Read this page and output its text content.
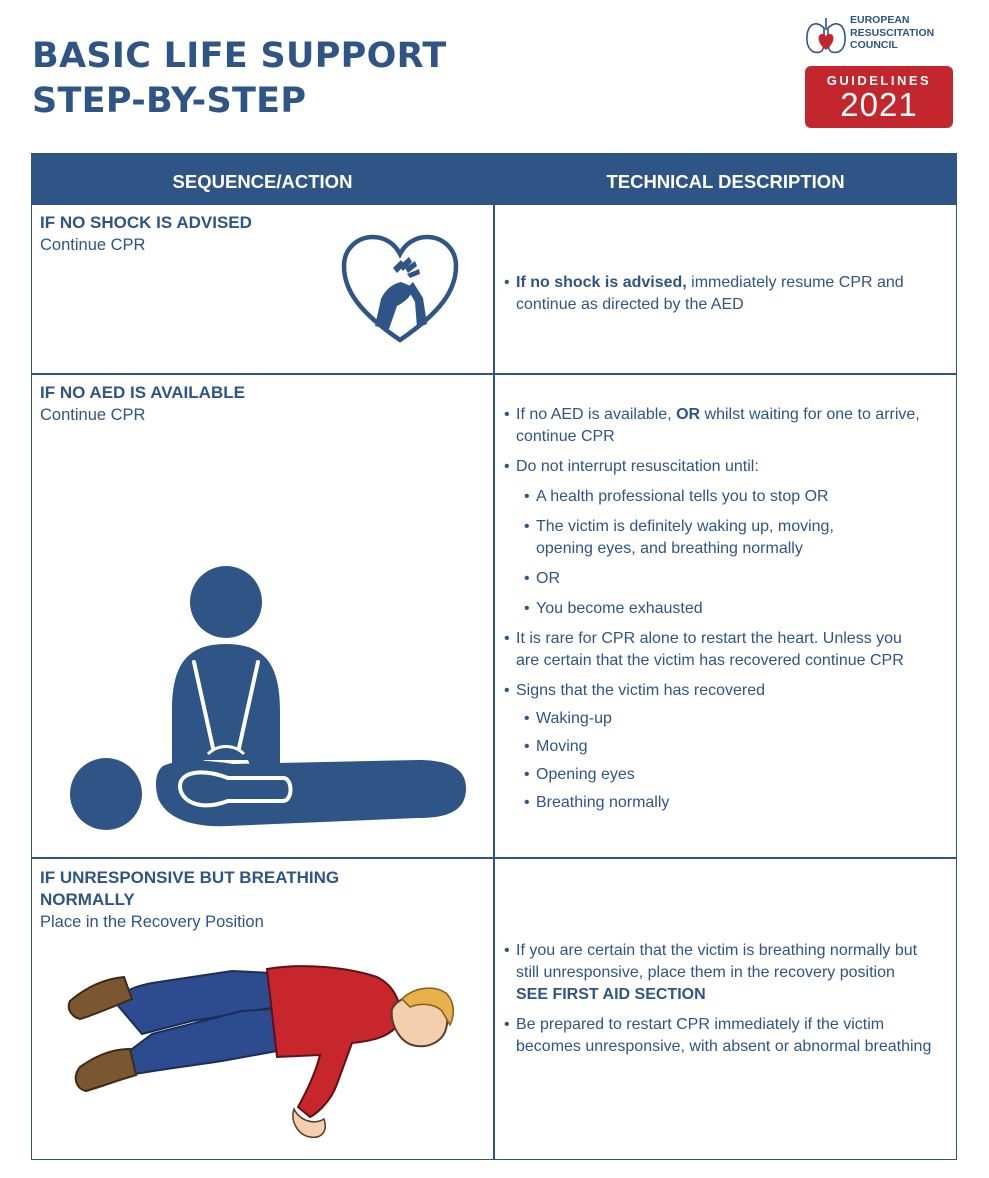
BASIC LIFE SUPPORT
STEP-BY-STEP
EUROPEAN
RESUSCITATION
COUNCIL
GUIDELINES
2021
SEQUENCE/ACTION	TECHNICAL DESCRIPTION
IF NO SHOCK IS ADVISED
Continue CPR
• If no shock is advised, immediately resume CPR and continue as directed by the AED
IF NO AED IS AVAILABLE
Continue CPR
•	If no AED is available, OR whilst waiting for one to arrive, continue CPR
• Do not interrupt resuscitation until:
• A health professional tells you to stop OR
• The victim is definitely waking up, moving, opening eyes, and breathing normally
• OR
• You become exhausted
• It is rare for CPR alone to restart the heart. Unless you are certain that the victim has recovered continue CPR
• Signs that the victim has recovered
• Waking-up
• Moving
• Opening eyes
• Breathing normally
IF UNRESPONSIVE BUT BREATHING NORMALLY
Place in the Recovery Position
• If you are certain that the victim is breathing normally but still unresponsive, place them in the recovery position SEE FIRST AID SECTION
• Be prepared to restart CPR immediately if the victim becomes unresponsive, with absent or abnormal breathing
